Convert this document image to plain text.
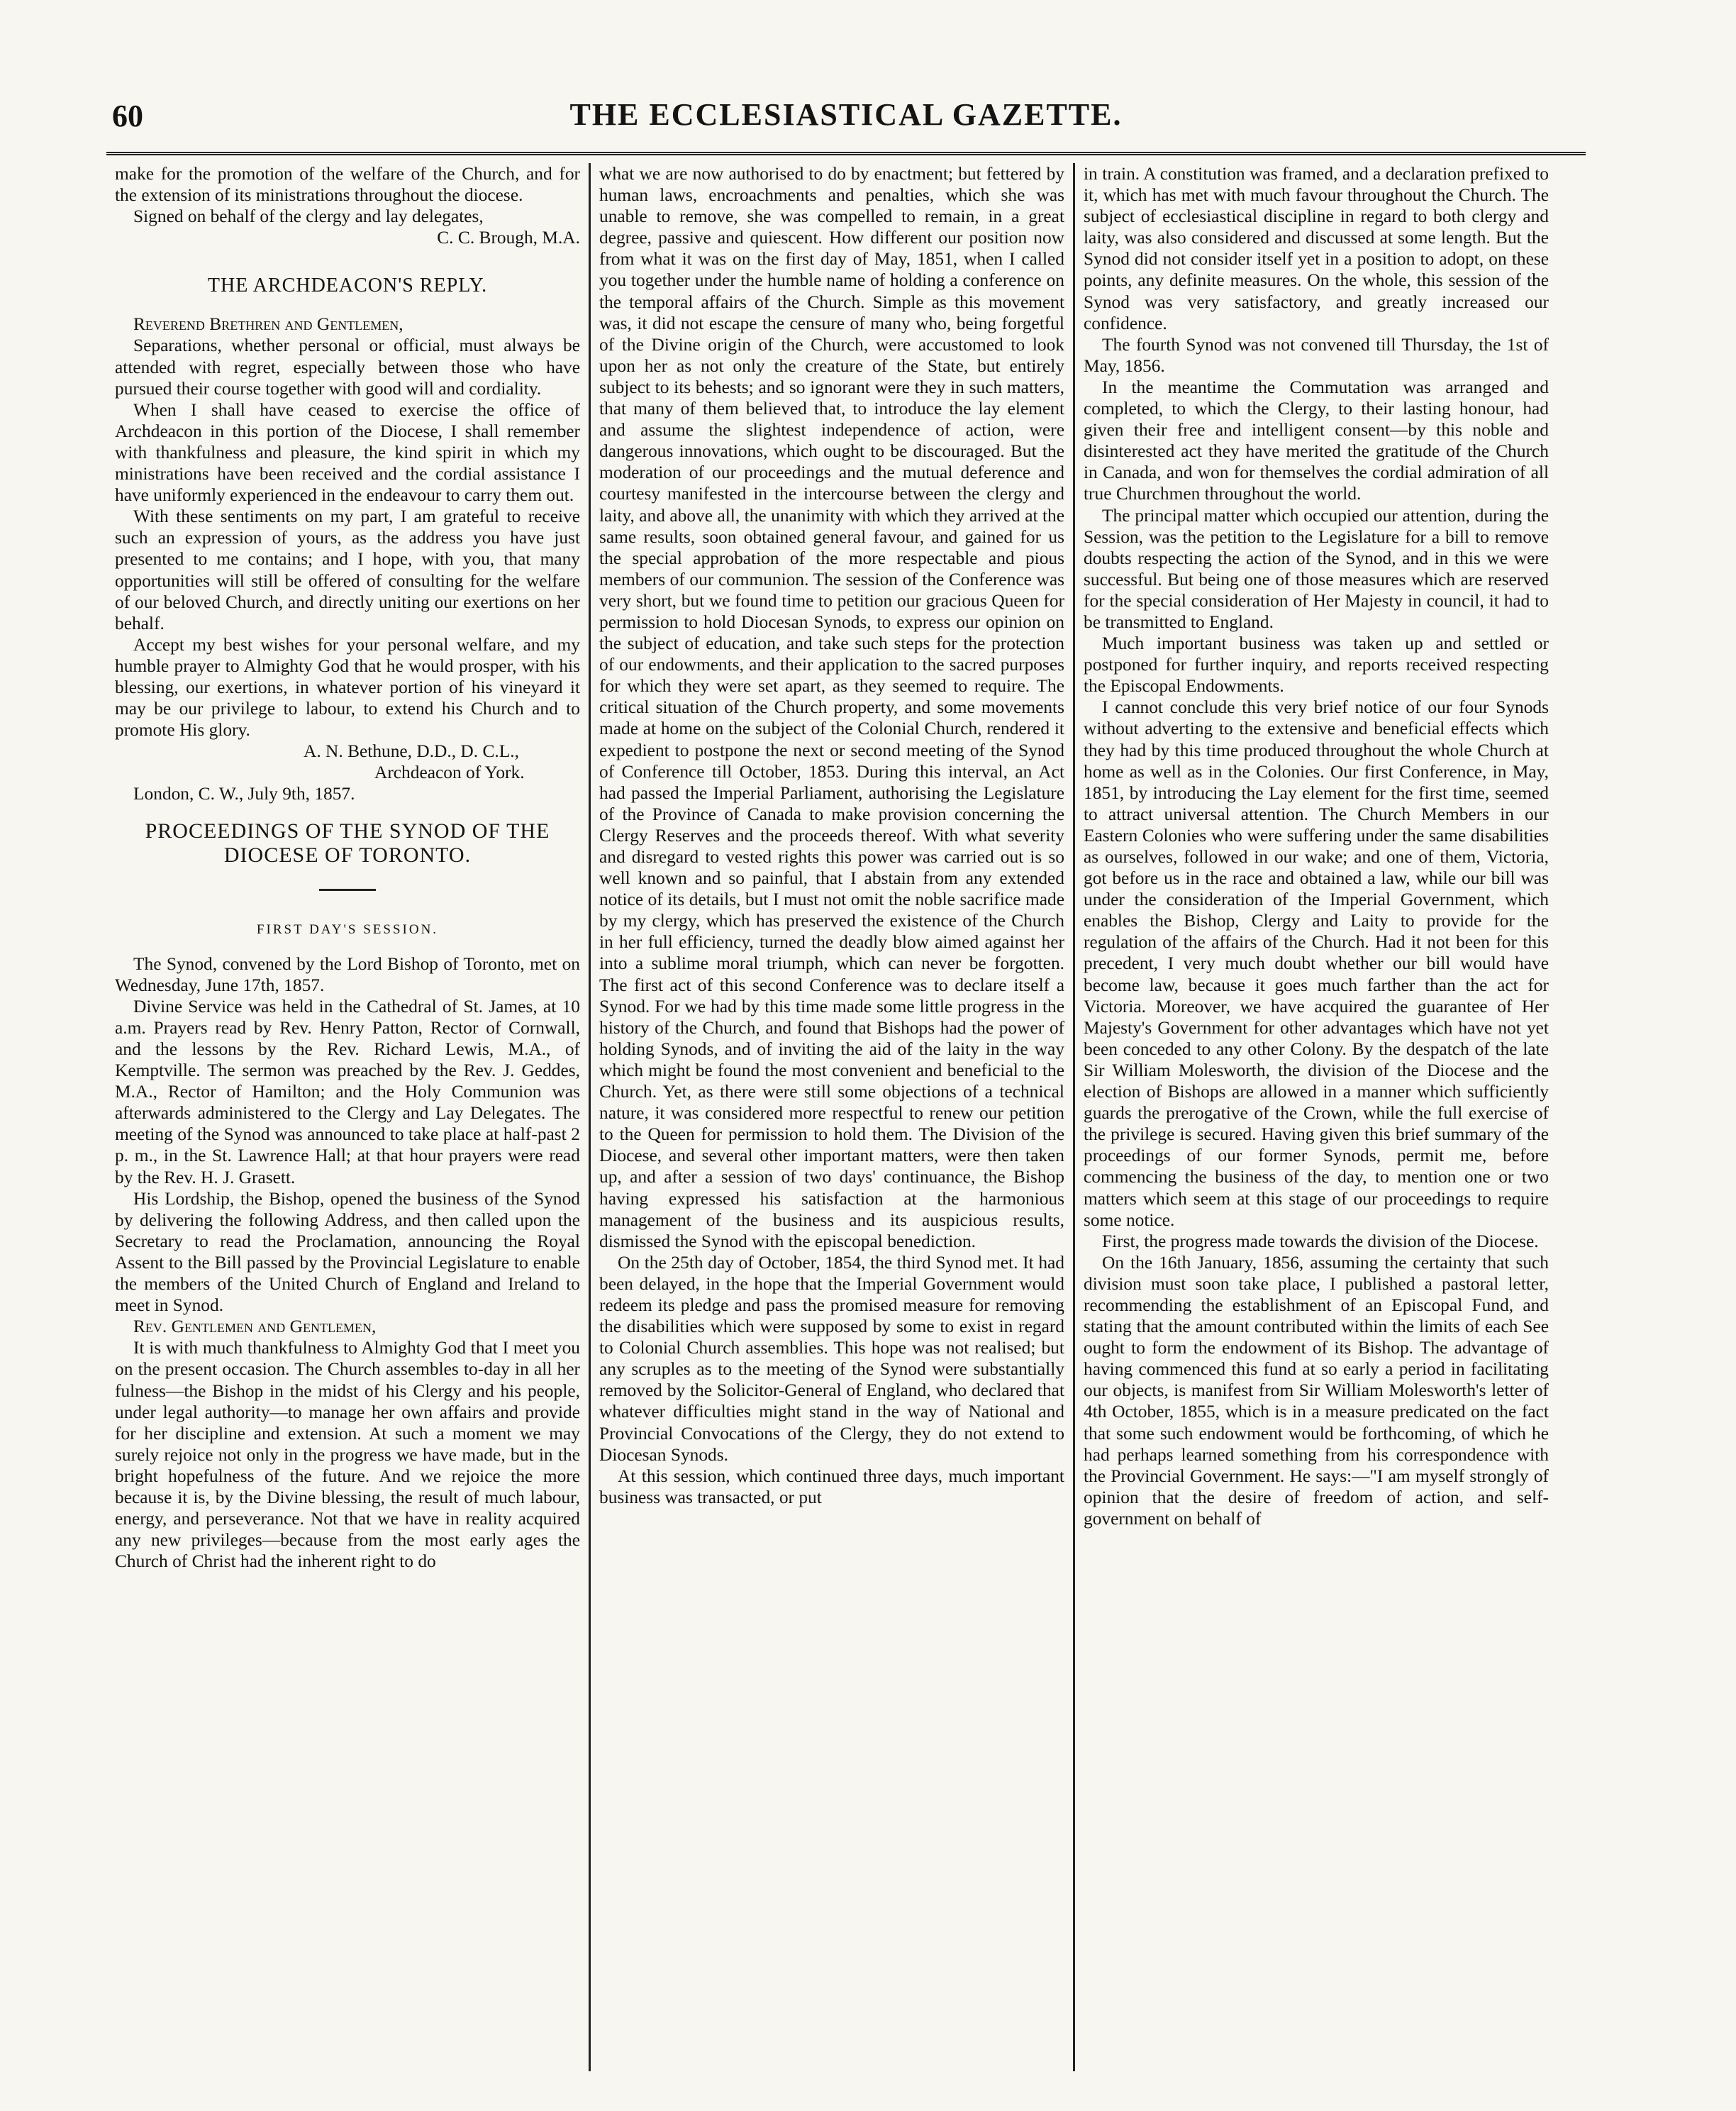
60	THE ECCLESIASTICAL GAZETTE.

make for the promotion of the welfare of the Church, and for the extension of its ministrations throughout the diocese.

Signed on behalf of the clergy and lay delegates,

C. C. Brough, M.A.

THE ARCHDEACON'S REPLY.

Reverend Brethren and Gentlemen,

Separations, whether personal or official, must always be attended with regret, especially between those who have pursued their course together with good will and cordiality.

When I shall have ceased to exercise the office of Archdeacon in this portion of the Diocese, I shall remember with thankfulness and pleasure, the kind spirit in which my ministrations have been received and the cordial assistance I have uniformly experienced in the endeavour to carry them out.

With these sentiments on my part, I am grateful to receive such an expression of yours, as the address you have just presented to me contains; and I hope, with you, that many opportunities will still be offered of consulting for the welfare of our beloved Church, and directly uniting our exertions on her behalf.

Accept my best wishes for your personal welfare, and my humble prayer to Almighty God that he would prosper, with his blessing, our exertions, in whatever portion of his vineyard it may be our privilege to labour, to extend his Church and to promote His glory.

A. N. Bethune, D.D., D. C.L.,

Archdeacon of York.

London, C. W., July 9th, 1857.

PROCEEDINGS OF THE SYNOD OF THE DIOCESE OF TORONTO.
FIRST DAY'S SESSION.

The Synod, convened by the Lord Bishop of Toronto, met on Wednesday, June 17th, 1857.

Divine Service was held in the Cathedral of St. James, at 10 a.m. Prayers read by Rev. Henry Patton, Rector of Cornwall, and the lessons by the Rev. Richard Lewis, M.A., of Kemptville. The sermon was preached by the Rev. J. Geddes, M.A., Rector of Hamilton; and the Holy Communion was afterwards administered to the Clergy and Lay Delegates. The meeting of the Synod was announced to take place at half-past 2 p. m., in the St. Lawrence Hall; at that hour prayers were read by the Rev. H. J. Grasett.

His Lordship, the Bishop, opened the business of the Synod by delivering the following Address, and then called upon the Secretary to read the Proclamation, announcing the Royal Assent to the Bill passed by the Provincial Legislature to enable the members of the United Church of England and Ireland to meet in Synod.

Rev. Gentlemen and Gentlemen,

It is with much thankfulness to Almighty God that I meet you on the present occasion. The Church assembles to-day in all her fulness—the Bishop in the midst of his Clergy and his people, under legal authority—to manage her own affairs and provide for her discipline and extension. At such a moment we may surely rejoice not only in the progress we have made, but in the bright hopefulness of the future. And we rejoice the more because it is, by the Divine blessing, the result of much labour, energy, and perseverance. Not that we have in reality acquired any new privileges—because from the most early ages the Church of Christ had the inherent right to do

what we are now authorised to do by enactment; but fettered by human laws, encroachments and penalties, which she was unable to remove, she was compelled to remain, in a great degree, passive and quiescent. How different our position now from what it was on the first day of May, 1851, when I called you together under the humble name of holding a conference on the temporal affairs of the Church. Simple as this movement was, it did not escape the censure of many who, being forgetful of the Divine origin of the Church, were accustomed to look upon her as not only the creature of the State, but entirely subject to its behests; and so ignorant were they in such matters, that many of them believed that, to introduce the lay element and assume the slightest independence of action, were dangerous innovations, which ought to be discouraged. But the moderation of our proceedings and the mutual deference and courtesy manifested in the intercourse between the clergy and laity, and above all, the unanimity with which they arrived at the same results, soon obtained general favour, and gained for us the special approbation of the more respectable and pious members of our communion. The session of the Conference was very short, but we found time to petition our gracious Queen for permission to hold Diocesan Synods, to express our opinion on the subject of education, and take such steps for the protection of our endowments, and their application to the sacred purposes for which they were set apart, as they seemed to require. The critical situation of the Church property, and some movements made at home on the subject of the Colonial Church, rendered it expedient to postpone the next or second meeting of the Synod of Conference till October, 1853. During this interval, an Act had passed the Imperial Parliament, authorising the Legislature of the Province of Canada to make provision concerning the Clergy Reserves and the proceeds thereof. With what severity and disregard to vested rights this power was carried out is so well known and so painful, that I abstain from any extended notice of its details, but I must not omit the noble sacrifice made by my clergy, which has preserved the existence of the Church in her full efficiency, turned the deadly blow aimed against her into a sublime moral triumph, which can never be forgotten. The first act of this second Conference was to declare itself a Synod. For we had by this time made some little progress in the history of the Church, and found that Bishops had the power of holding Synods, and of inviting the aid of the laity in the way which might be found the most convenient and beneficial to the Church. Yet, as there were still some objections of a technical nature, it was considered more respectful to renew our petition to the Queen for permission to hold them. The Division of the Diocese, and several other important matters, were then taken up, and after a session of two days' continuance, the Bishop having expressed his satisfaction at the harmonious management of the business and its auspicious results, dismissed the Synod with the episcopal benediction.

On the 25th day of October, 1854, the third Synod met. It had been delayed, in the hope that the Imperial Government would redeem its pledge and pass the promised measure for removing the disabilities which were supposed by some to exist in regard to Colonial Church assemblies. This hope was not realised; but any scruples as to the meeting of the Synod were substantially removed by the Solicitor-General of England, who declared that whatever difficulties might stand in the way of National and Provincial Convocations of the Clergy, they do not extend to Diocesan Synods.

At this session, which continued three days, much important business was transacted, or put

in train. A constitution was framed, and a declaration prefixed to it, which has met with much favour throughout the Church. The subject of ecclesiastical discipline in regard to both clergy and laity, was also considered and discussed at some length. But the Synod did not consider itself yet in a position to adopt, on these points, any definite measures. On the whole, this session of the Synod was very satisfactory, and greatly increased our confidence.

The fourth Synod was not convened till Thursday, the 1st of May, 1856.

In the meantime the Commutation was arranged and completed, to which the Clergy, to their lasting honour, had given their free and intelligent consent—by this noble and disinterested act they have merited the gratitude of the Church in Canada, and won for themselves the cordial admiration of all true Churchmen throughout the world.

The principal matter which occupied our attention, during the Session, was the petition to the Legislature for a bill to remove doubts respecting the action of the Synod, and in this we were successful. But being one of those measures which are reserved for the special consideration of Her Majesty in council, it had to be transmitted to England.

Much important business was taken up and settled or postponed for further inquiry, and reports received respecting the Episcopal Endowments.

I cannot conclude this very brief notice of our four Synods without adverting to the extensive and beneficial effects which they had by this time produced throughout the whole Church at home as well as in the Colonies. Our first Conference, in May, 1851, by introducing the Lay element for the first time, seemed to attract universal attention. The Church Members in our Eastern Colonies who were suffering under the same disabilities as ourselves, followed in our wake; and one of them, Victoria, got before us in the race and obtained a law, while our bill was under the consideration of the Imperial Government, which enables the Bishop, Clergy and Laity to provide for the regulation of the affairs of the Church. Had it not been for this precedent, I very much doubt whether our bill would have become law, because it goes much farther than the act for Victoria. Moreover, we have acquired the guarantee of Her Majesty's Government for other advantages which have not yet been conceded to any other Colony. By the despatch of the late Sir William Molesworth, the division of the Diocese and the election of Bishops are allowed in a manner which sufficiently guards the prerogative of the Crown, while the full exercise of the privilege is secured. Having given this brief summary of the proceedings of our former Synods, permit me, before commencing the business of the day, to mention one or two matters which seem at this stage of our proceedings to require some notice.

First, the progress made towards the division of the Diocese.

On the 16th January, 1856, assuming the certainty that such division must soon take place, I published a pastoral letter, recommending the establishment of an Episcopal Fund, and stating that the amount contributed within the limits of each See ought to form the endowment of its Bishop. The advantage of having commenced this fund at so early a period in facilitating our objects, is manifest from Sir William Molesworth's letter of 4th October, 1855, which is in a measure predicated on the fact that some such endowment would be forthcoming, of which he had perhaps learned something from his correspondence with the Provincial Government. He says:—"I am myself strongly of opinion that the desire of freedom of action, and self-government on behalf of
